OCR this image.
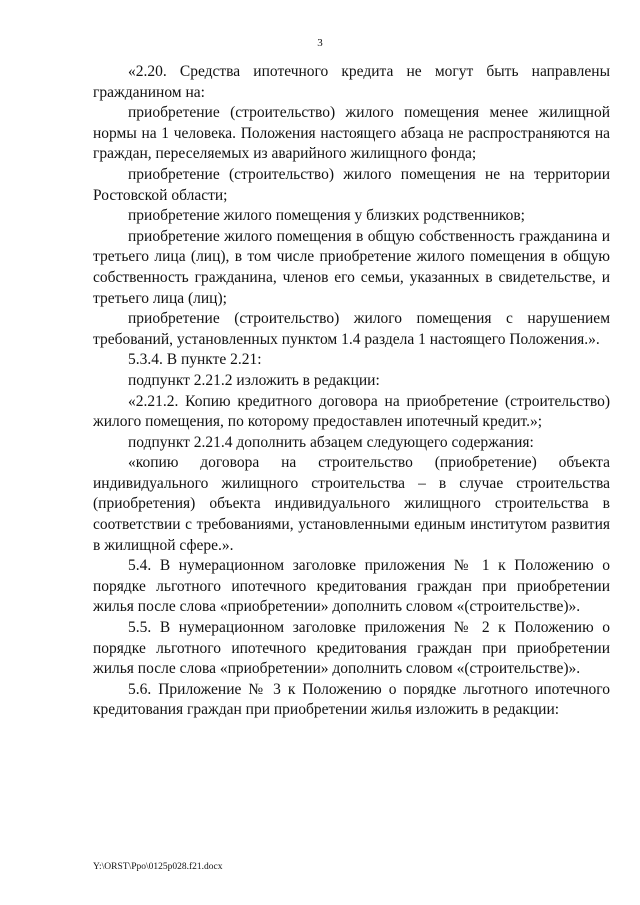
3

«2.20. Средства ипотечного кредита не могут быть направлены гражданином на:

приобретение (строительство) жилого помещения менее жилищной нормы на 1 человека. Положения настоящего абзаца не распространяются на граждан, переселяемых из аварийного жилищного фонда;

приобретение (строительство) жилого помещения не на территории Ростовской области;

приобретение жилого помещения у близких родственников;

приобретение жилого помещения в общую собственность гражданина и третьего лица (лиц), в том числе приобретение жилого помещения в общую собственность гражданина, членов его семьи, указанных в свидетельстве, и третьего лица (лиц);

приобретение (строительство) жилого помещения с нарушением требований, установленных пунктом 1.4 раздела 1 настоящего Положения.».

5.3.4. В пункте 2.21:

подпункт 2.21.2 изложить в редакции:

«2.21.2. Копию кредитного договора на приобретение (строительство) жилого помещения, по которому предоставлен ипотечный кредит.»;

подпункт 2.21.4 дополнить абзацем следующего содержания:

«копию договора на строительство (приобретение) объекта индивидуального жилищного строительства – в случае строительства (приобретения) объекта индивидуального жилищного строительства в соответствии с требованиями, установленными единым институтом развития в жилищной сфере.».

5.4. В нумерационном заголовке приложения № 1 к Положению о порядке льготного ипотечного кредитования граждан при приобретении жилья после слова «приобретении» дополнить словом «(строительстве)».

5.5. В нумерационном заголовке приложения № 2 к Положению о порядке льготного ипотечного кредитования граждан при приобретении жилья после слова «приобретении» дополнить словом «(строительстве)».

5.6. Приложение № 3 к Положению о порядке льготного ипотечного кредитования граждан при приобретении жилья изложить в редакции:

Y:\ORST\Ppo\0125p028.f21.docx
